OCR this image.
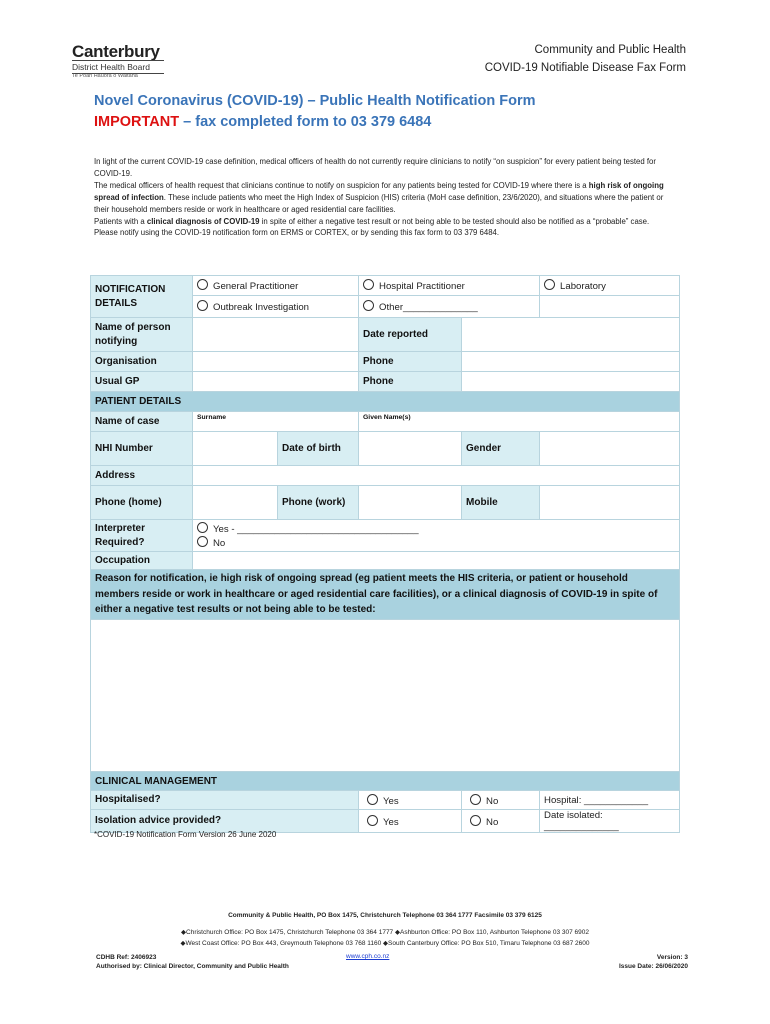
Canterbury
District Health Board
Te Poari Hauora ō Waitaha
Community and Public Health
COVID-19 Notifiable Disease Fax Form
Novel Coronavirus (COVID-19) – Public Health Notification Form
IMPORTANT – fax completed form to 03 379 6484

In light of the current COVID-19 case definition, medical officers of health do not currently require clinicians to notify “on suspicion” for every patient being tested for COVID-19.

The medical officers of health request that clinicians continue to notify on suspicion for any patients being tested for COVID-19 where there is a high risk of ongoing spread of infection. These include patients who meet the High Index of Suspicion (HIS) criteria (MoH case definition, 23/6/2020), and situations where the patient or their household members reside or work in healthcare or aged residential care facilities.

Patients with a clinical diagnosis of COVID-19 in spite of either a negative test result or not being able to be tested should also be notified as a “probable” case.

Please notify using the COVID-19 notification form on ERMS or CORTEX, or by sending this fax form to 03 379 6484.

NOTIFICATION DETAILS	General Practitioner		Hospital Practitioner		Laboratory
	Outbreak Investigation		Other______________		
Name of person notifying			Date reported		
Organisation			Phone		
Usual GP			Phone		
PATIENT DETAILS					
Name of case	Surname		Given Name(s)		
NHI Number		Date of birth		Gender	
Address					
Phone (home)		Phone (work)		Mobile	
Interpreter Required?	Yes - __________________________________
No				

Occupation					
Reason for notification, ie high risk of ongoing spread (eg patient meets the HIS criteria, or patient or household members reside or work in healthcare or aged residential care facilities), or a clinical diagnosis of COVID-19 in spite of either a negative test results or not being able to be tested:					

CLINICAL MANAGEMENT					
Hospitalised?			Yes	No	Hospital: ____________
Isolation advice provided?			Yes	No	Date isolated: ______________
*COVID-19 Notification Form Version 26 June 2020
Community & Public Health, PO Box 1475, Christchurch Telephone 03 364 1777 Facsimile 03 379 6125
◆Christchurch Office: PO Box 1475, Christchurch Telephone 03 364 1777 ◆Ashburton Office: PO Box 110, Ashburton Telephone 03 307 6902
◆West Coast Office: PO Box 443, Greymouth Telephone 03 768 1160 ◆South Canterbury Office: PO Box 510, Timaru Telephone 03 687 2600
CDHB Ref: 2406923
Authorised by: Clinical Director, Community and Public Health
www.cph.co.nz	Version: 3
Issue Date: 26/06/2020
